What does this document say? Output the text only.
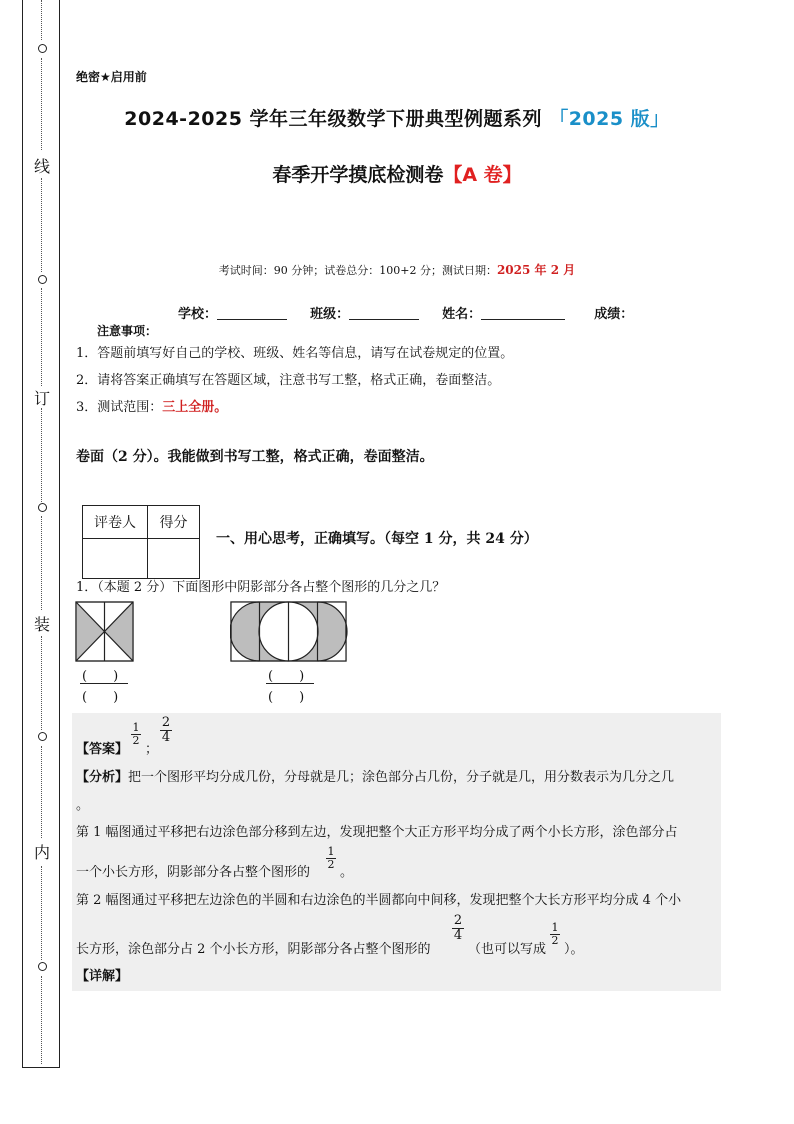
线
订
装
内
绝密★启用前
2024-2025 学年三年级数学下册典型例题系列 「2025 版」
春季开学摸底检测卷【A 卷】
考试时间：90 分钟；试卷总分：100+2 分；测试日期：2025 年 2 月
学校：	班级：	姓名：	成绩：
注意事项：
1．答题前填写好自己的学校、班级、姓名等信息，请写在试卷规定的位置。
2．请将答案正确填写在答题区域，注意书写工整，格式正确，卷面整洁。
3．测试范围：三上全册。
卷面（2 分）。我能做到书写工整，格式正确，卷面整洁。
评卷人	得分

一、用心思考，正确填写。（每空 1 分，共 24 分）
1．（本题 2 分）下面图形中阴影部分各占整个图形的几分之几？
(　　)
(　　)
(　　)
(　　)
【答案】
$\frac{1}{2}$
；
$\frac{2}{4}$
【分析】把一个图形平均分成几份，分母就是几；涂色部分占几份，分子就是几，用分数表示为几分之几
。
第 1 幅图通过平移把右边涂色部分移到左边，发现把整个大正方形平均分成了两个小长方形，涂色部分占
一个小长方形，阴影部分各占整个图形的
$\frac{1}{2}$
。
第 2 幅图通过平移把左边涂色的半圆和右边涂色的半圆都向中间移，发现把整个大长方形平均分成 4 个小
长方形，涂色部分占 2 个小长方形，阴影部分各占整个图形的
$\frac{2}{4}$
（也可以写成
$\frac{1}{2}$
）。
【详解】
